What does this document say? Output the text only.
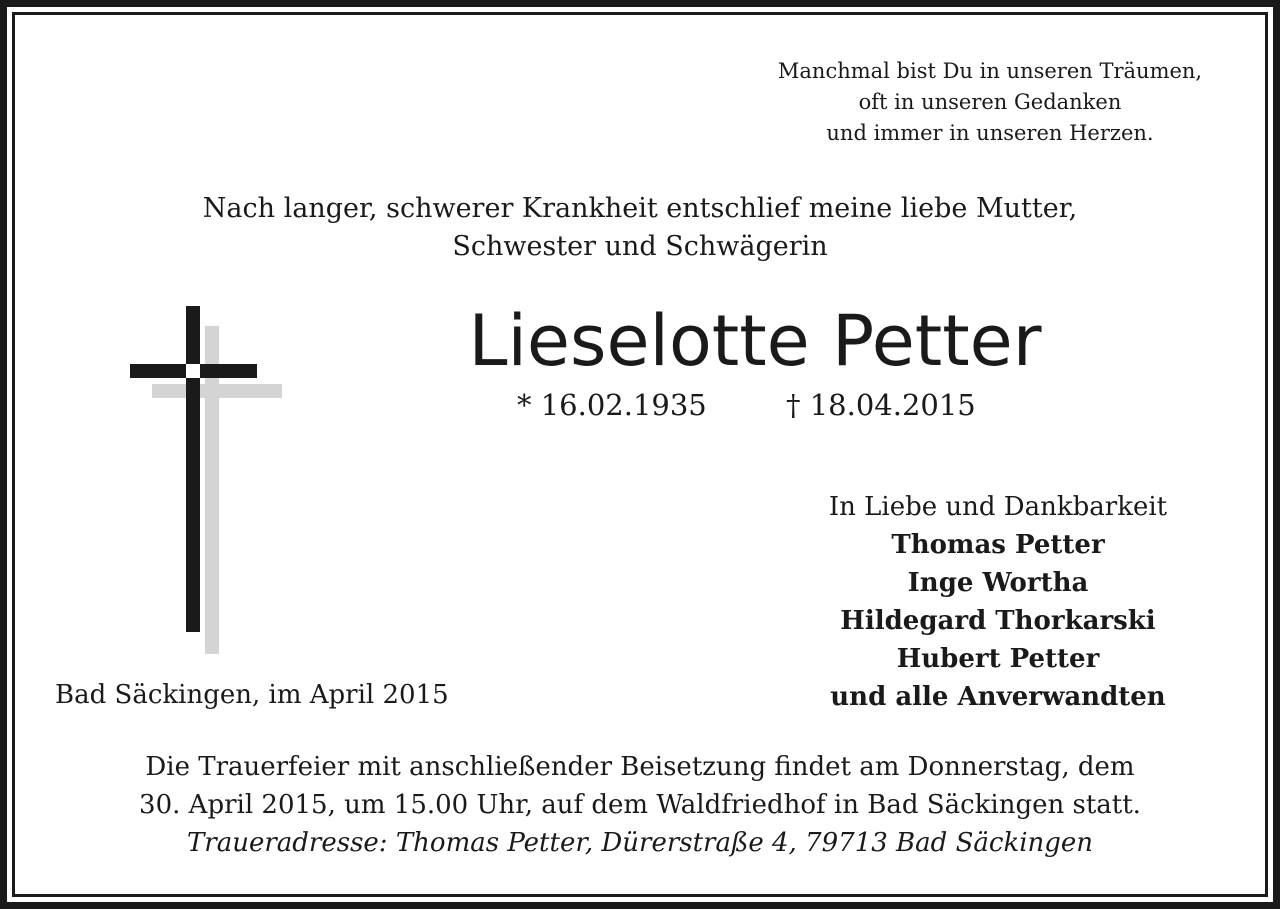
Manchmal bist Du in unseren Träumen,
oft in unseren Gedanken
und immer in unseren Herzen.
Nach langer, schwerer Krankheit entschlief meine liebe Mutter,
Schwester und Schwägerin
Lieselotte Petter
* 16.02.1935	† 18.04.2015
In Liebe und Dankbarkeit
Thomas Petter
Inge Wortha
Hildegard Thorkarski
Hubert Petter
und alle Anverwandten
Bad Säckingen, im April 2015
Die Trauerfeier mit anschließender Beisetzung findet am Donnerstag, dem
30. April 2015, um 15.00 Uhr, auf dem Waldfriedhof in Bad Säckingen statt.
Traueradresse: Thomas Petter, Dürerstraße 4, 79713 Bad Säckingen
